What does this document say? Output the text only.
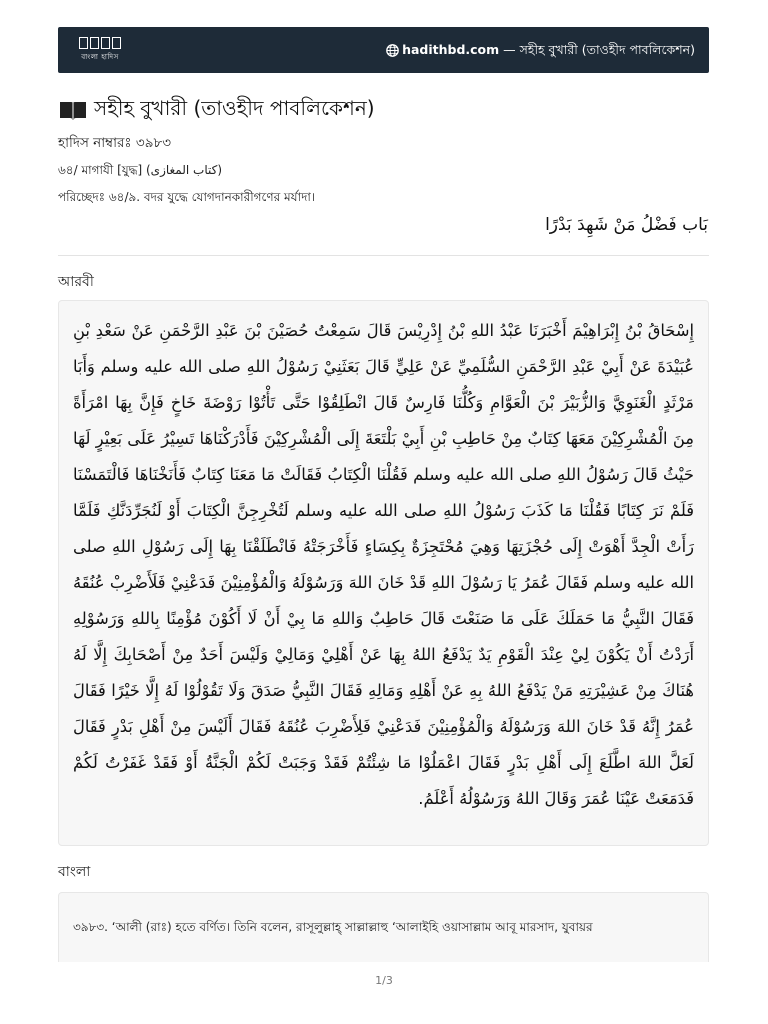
বাংলা হাদিস	hadithbd.com — সহীহ বুখারী (তাওহীদ পাবলিকেশন)
সহীহ বুখারী (তাওহীদ পাবলিকেশন)
হাদিস নাম্বারঃ ৩৯৮৩
৬৪/ মাগাযী [যুদ্ধ] (كتاب المغازى)
পরিচ্ছেদঃ ৬৪/৯. বদর যুদ্ধে যোগদানকারীগণের মর্যাদা।
بَاب فَضْلُ مَنْ شَهِدَ بَدْرًا
আরবী
إِسْحَاقُ بْنُ إِبْرَاهِيْمَ أَخْبَرَنَا عَبْدُ اللهِ بْنُ إِدْرِيْسَ قَالَ سَمِعْتُ حُصَيْنَ بْنَ عَبْدِ الرَّحْمَنِ عَنْ سَعْدِ بْنِ عُبَيْدَةَ عَنْ أَبِيْ عَبْدِ الرَّحْمَنِ السُّلَمِيِّ عَنْ عَلِيٍّ قَالَ بَعَثَنِيْ رَسُوْلُ اللهِ صلى الله عليه وسلم وَأَبَا مَرْثَدٍ الْغَنَوِيَّ وَالزُّبَيْرَ بْنَ الْعَوَّامِ وَكُلُّنَا فَارِسٌ قَالَ انْطَلِقُوْا حَتَّى تَأْتُوْا رَوْضَةَ خَاخٍ فَإِنَّ بِهَا امْرَأَةً مِنَ الْمُشْرِكِيْنَ مَعَهَا كِتَابٌ مِنْ حَاطِبِ بْنِ أَبِيْ بَلْتَعَةَ إِلَى الْمُشْرِكِيْنَ فَأَدْرَكْنَاهَا تَسِيْرُ عَلَى بَعِيْرٍ لَهَا حَيْثُ قَالَ رَسُوْلُ اللهِ صلى الله عليه وسلم فَقُلْنَا الْكِتَابُ فَقَالَتْ مَا مَعَنَا كِتَابٌ فَأَنَخْنَاهَا فَالْتَمَسْنَا فَلَمْ نَرَ كِتَابًا فَقُلْنَا مَا كَذَبَ رَسُوْلُ اللهِ صلى الله عليه وسلم لَتُخْرِجِنَّ الْكِتَابَ أَوْ لَنُجَرِّدَنَّكِ فَلَمَّا رَأَتْ الْجِدَّ أَهْوَتْ إِلَى حُجْزَتِهَا وَهِيَ مُحْتَجِزَةٌ بِكِسَاءٍ فَأَخْرَجَتْهُ فَانْطَلَقْنَا بِهَا إِلَى رَسُوْلِ اللهِ صلى الله عليه وسلم فَقَالَ عُمَرُ يَا رَسُوْلَ اللهِ قَدْ خَانَ اللهَ وَرَسُوْلَهُ وَالْمُؤْمِنِيْنَ فَدَعْنِيْ فَلَأَضْرِبْ عُنُقَهُ فَقَالَ النَّبِيُّ مَا حَمَلَكَ عَلَى مَا صَنَعْتَ قَالَ حَاطِبٌ وَاللهِ مَا بِيْ أَنْ لَا أَكُوْنَ مُؤْمِنًا بِاللهِ وَرَسُوْلِهِ أَرَدْتُ أَنْ يَكُوْنَ لِيْ عِنْدَ الْقَوْمِ يَدٌ يَدْفَعُ اللهُ بِهَا عَنْ أَهْلِيْ وَمَالِيْ وَلَيْسَ أَحَدٌ مِنْ أَصْحَابِكَ إِلَّا لَهُ هُنَاكَ مِنْ عَشِيْرَتِهِ مَنْ يَدْفَعُ اللهُ بِهِ عَنْ أَهْلِهِ وَمَالِهِ فَقَالَ النَّبِيُّ صَدَقَ وَلَا تَقُوْلُوْا لَهُ إِلَّا خَيْرًا فَقَالَ عُمَرُ إِنَّهُ قَدْ خَانَ اللهَ وَرَسُوْلَهُ وَالْمُؤْمِنِيْنَ فَدَعْنِيْ فَلِأَضْرِبَ عُنُقَهُ فَقَالَ أَلَيْسَ مِنْ أَهْلِ بَدْرٍ فَقَالَ لَعَلَّ اللهَ اطَّلَعَ إِلَى أَهْلِ بَدْرٍ فَقَالَ اعْمَلُوْا مَا شِئْتُمْ فَقَدْ وَجَبَتْ لَكُمْ الْجَنَّةُ أَوْ فَقَدْ غَفَرْتُ لَكُمْ فَدَمَعَتْ عَيْنَا عُمَرَ وَقَالَ اللهُ وَرَسُوْلُهُ أَعْلَمُ.
বাংলা
৩৯৮৩. ‘আলী (রাঃ) হতে বর্ণিত। তিনি বলেন, রাসূলুল্লাহ্ সাল্লাল্লাহু ‘আলাইহি ওয়াসাল্লাম আবূ মারসাদ, যুবায়র
1/3
